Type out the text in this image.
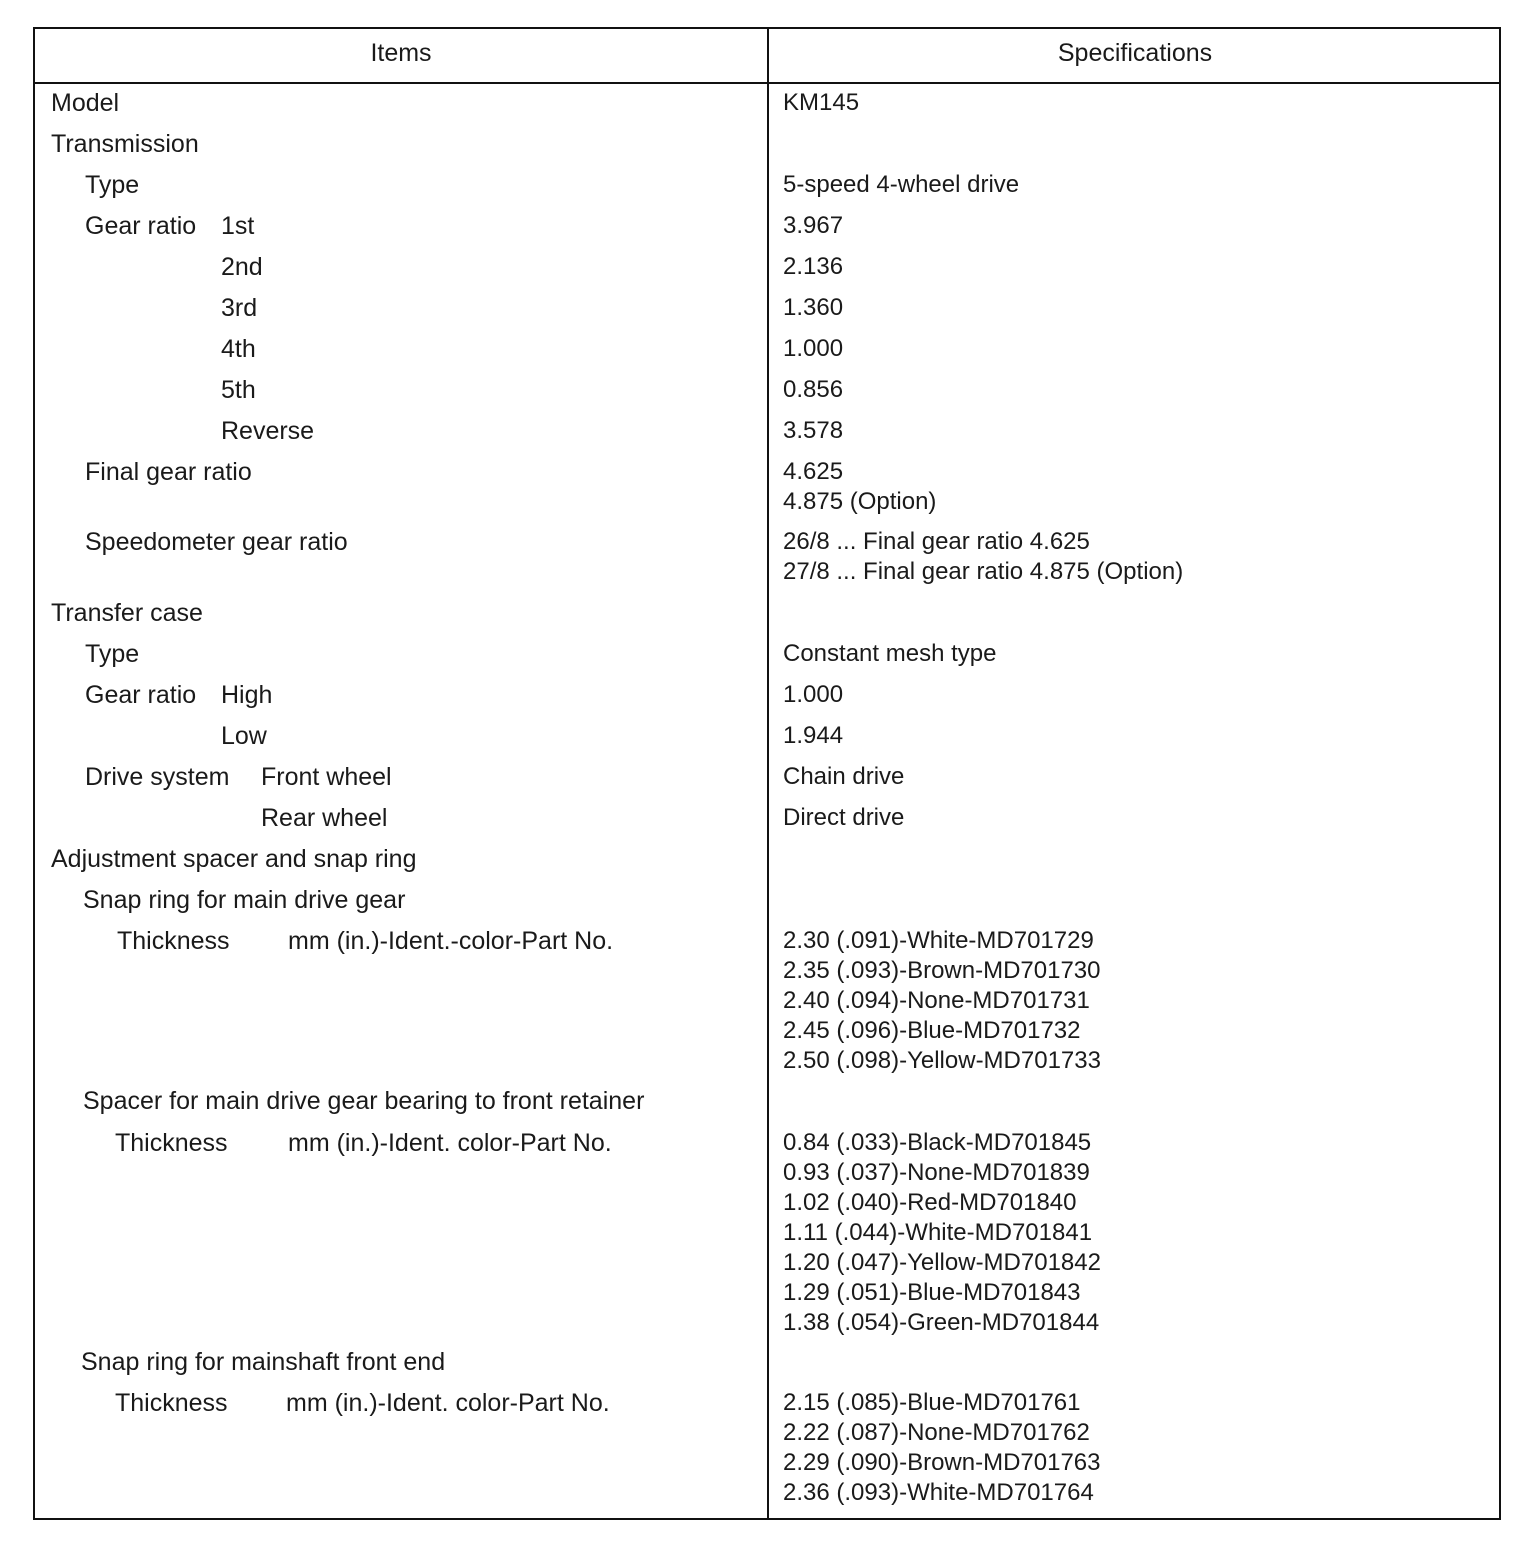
Items	Specifications
Model	KM145
Transmission
Type	5-speed 4-wheel drive
Gear ratio 1st	3.967
2nd	2.136
3rd	1.360
4th	1.000
5th	0.856
Reverse	3.578
Final gear ratio	4.625
4.875 (Option)
Speedometer gear ratio	26/8 ... Final gear ratio 4.625
27/8 ... Final gear ratio 4.875 (Option)
Transfer case
Type	Constant mesh type
Gear ratio High	1.000
Low	1.944
Drive system Front wheel	Chain drive
Rear wheel	Direct drive
Adjustment spacer and snap ring
Snap ring for main drive gear
Thickness mm (in.)-Ident.-color-Part No.	2.30 (.091)-White-MD701729
2.35 (.093)-Brown-MD701730
2.40 (.094)-None-MD701731
2.45 (.096)-Blue-MD701732
2.50 (.098)-Yellow-MD701733
Spacer for main drive gear bearing to front retainer
Thickness mm (in.)-Ident. color-Part No.	0.84 (.033)-Black-MD701845
0.93 (.037)-None-MD701839
1.02 (.040)-Red-MD701840
1.11 (.044)-White-MD701841
1.20 (.047)-Yellow-MD701842
1.29 (.051)-Blue-MD701843
1.38 (.054)-Green-MD701844
Snap ring for mainshaft front end
Thickness mm (in.)-Ident. color-Part No.	2.15 (.085)-Blue-MD701761
2.22 (.087)-None-MD701762
2.29 (.090)-Brown-MD701763
2.36 (.093)-White-MD701764
